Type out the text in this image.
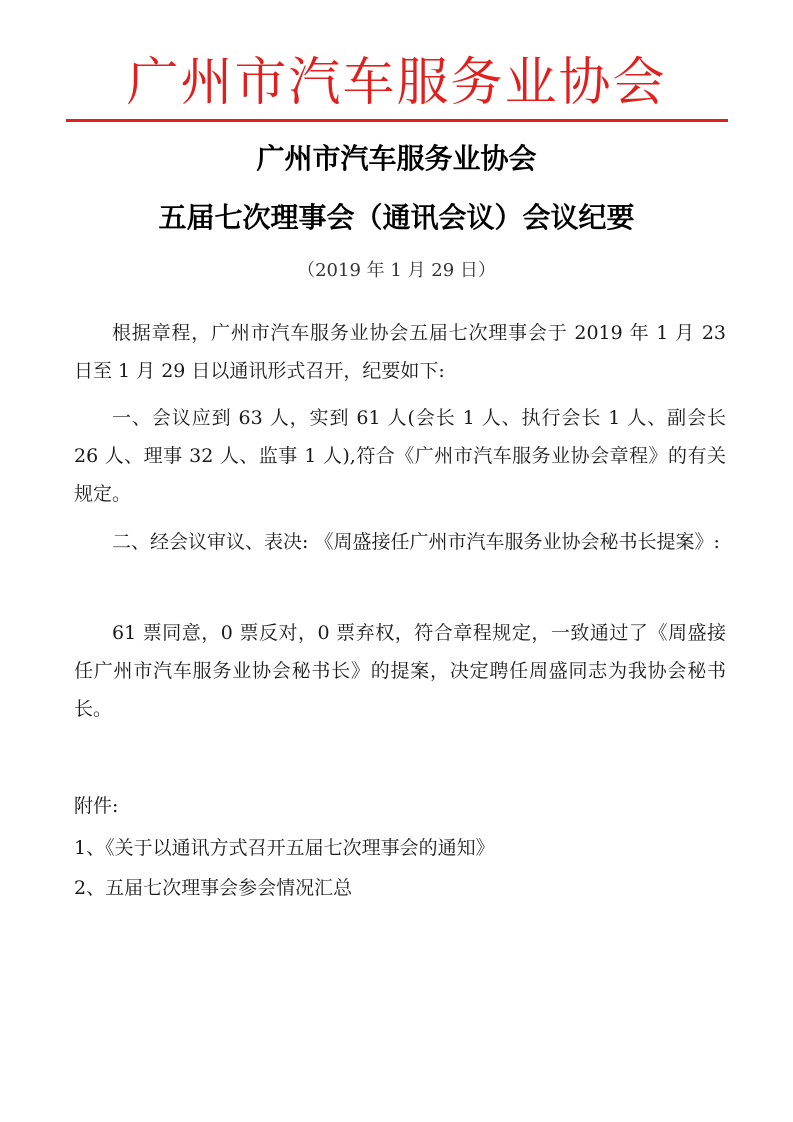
广州市汽车服务业协会
广州市汽车服务业协会
五届七次理事会（通讯会议）会议纪要
（2019 年 1 月 29 日）
根据章程，广州市汽车服务业协会五届七次理事会于 2019 年 1 月 23 日至 1 月 29 日以通讯形式召开，纪要如下:
一、会议应到 63 人，实到 61 人(会长 1 人、执行会长 1 人、副会长 26 人、理事 32 人、监事 1 人),符合《广州市汽车服务业协会章程》的有关规定。
二、经会议审议、表决: 《周盛接任广州市汽车服务业协会秘书长提案》:
61 票同意，0 票反对，0 票弃权，符合章程规定，一致通过了《周盛接任广州市汽车服务业协会秘书长》的提案，决定聘任周盛同志为我协会秘书长。
附件:
1、《关于以通讯方式召开五届七次理事会的通知》
2、五届七次理事会参会情况汇总
